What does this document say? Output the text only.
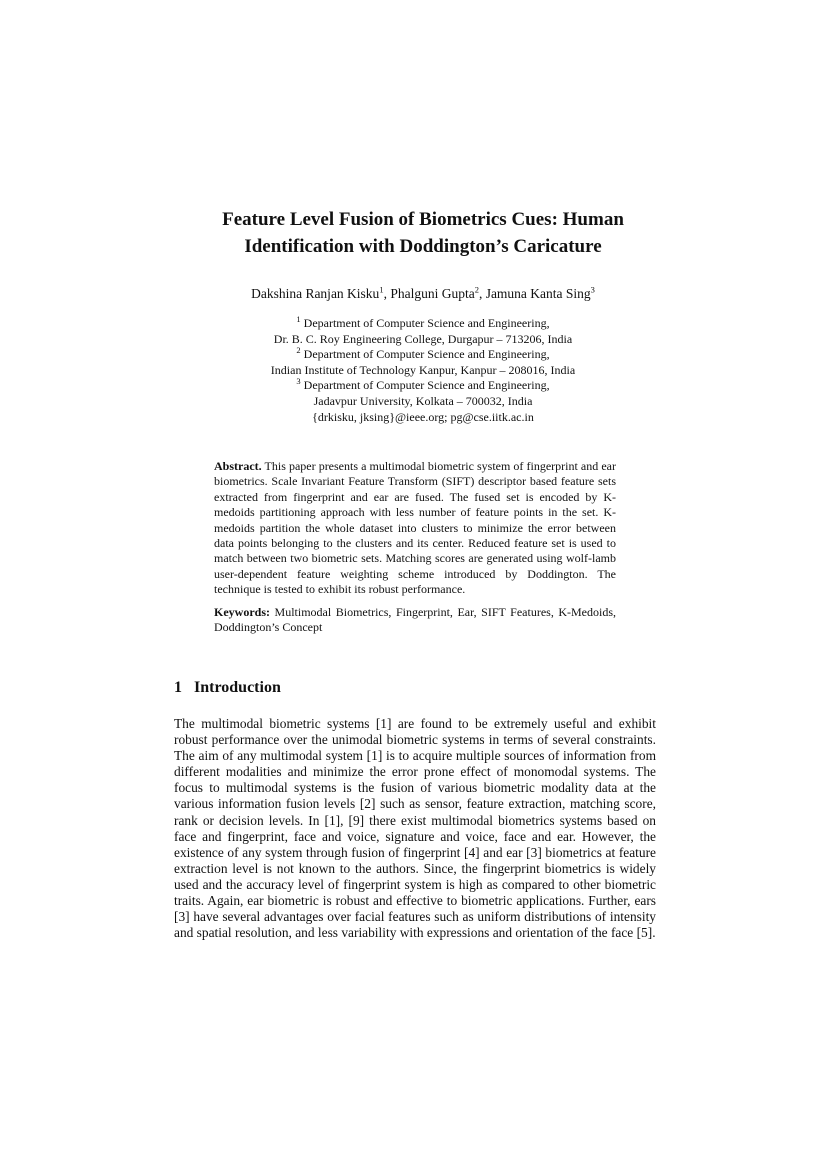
Feature Level Fusion of Biometrics Cues: Human
Identification with Doddington’s Caricature
Dakshina Ranjan Kisku$^1$, Phalguni Gupta$^2$, Jamuna Kanta Sing$^3$
$^1$ Department of Computer Science and Engineering,
Dr. B. C. Roy Engineering College, Durgapur – 713206, India
$^2$ Department of Computer Science and Engineering,
Indian Institute of Technology Kanpur, Kanpur – 208016, India
$^3$ Department of Computer Science and Engineering,
Jadavpur University, Kolkata – 700032, India
{drkisku, jksing}@ieee.org; pg@cse.iitk.ac.in
Abstract. This paper presents a multimodal biometric system of fingerprint and ear biometrics. Scale Invariant Feature Transform (SIFT) descriptor based feature sets extracted from fingerprint and ear are fused. The fused set is encoded by K-medoids partitioning approach with less number of feature points in the set. K-medoids partition the whole dataset into clusters to minimize the error between data points belonging to the clusters and its center. Reduced feature set is used to match between two biometric sets. Matching scores are generated using wolf-lamb user-dependent feature weighting scheme introduced by Doddington. The technique is tested to exhibit its robust performance.
Keywords: Multimodal Biometrics, Fingerprint, Ear, SIFT Features, K-Medoids, Doddington’s Concept
1 Introduction
The multimodal biometric systems [1] are found to be extremely useful and exhibit robust performance over the unimodal biometric systems in terms of several constraints. The aim of any multimodal system [1] is to acquire multiple sources of information from different modalities and minimize the error prone effect of monomodal systems. The focus to multimodal systems is the fusion of various biometric modality data at the various information fusion levels [2] such as sensor, feature extraction, matching score, rank or decision levels. In [1], [9] there exist multimodal biometrics systems based on face and fingerprint, face and voice, signature and voice, face and ear. However, the existence of any system through fusion of fingerprint [4] and ear [3] biometrics at feature extraction level is not known to the authors. Since, the fingerprint biometrics is widely used and the accuracy level of fingerprint system is high as compared to other biometric traits. Again, ear biometric is robust and effective to biometric applications. Further, ears [3] have several advantages over facial features such as uniform distributions of intensity and spatial resolution, and less variability with expressions and orientation of the face [5].
